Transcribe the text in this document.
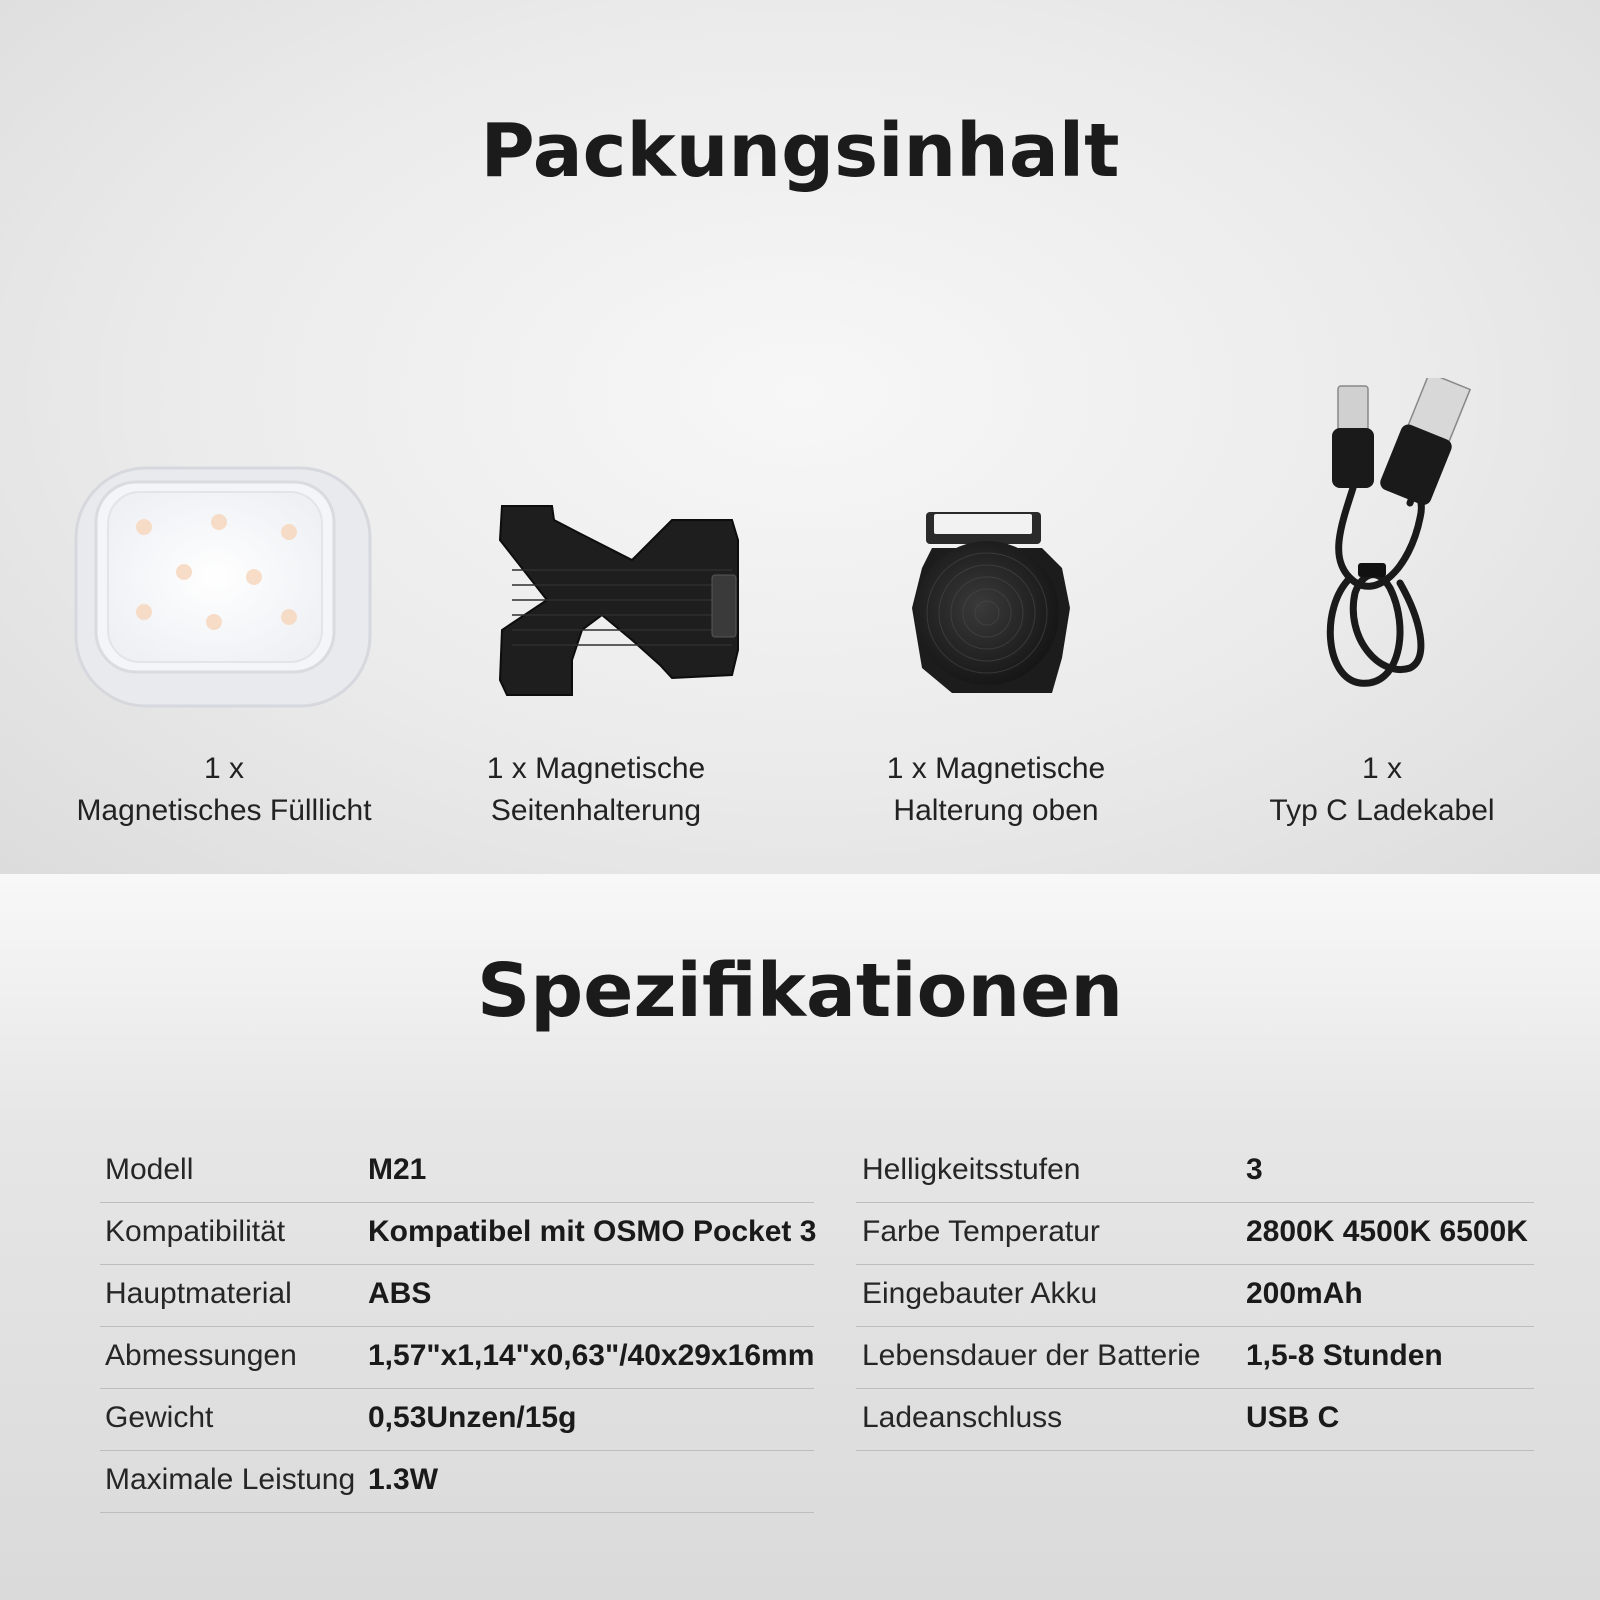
Packungsinhalt
1 x
Magnetisches Fülllicht
1 x Magnetische
Seitenhalterung
1 x Magnetische
Halterung oben
1 x
Typ C Ladekabel
Spezifikationen
Modell	M21
Kompatibilität	Kompatibel mit OSMO Pocket 3
Hauptmaterial	ABS
Abmessungen 1,57"x1,14"x0,63"/40x29x16mm
Gewicht	0,53Unzen/15g
Maximale Leistung 1.3W
Helligkeitsstufen	3
Farbe Temperatur	2800K 4500K 6500K
Eingebauter Akku	200mAh
Lebensdauer der Batterie 1,5-8 Stunden
Ladeanschluss	USB C
